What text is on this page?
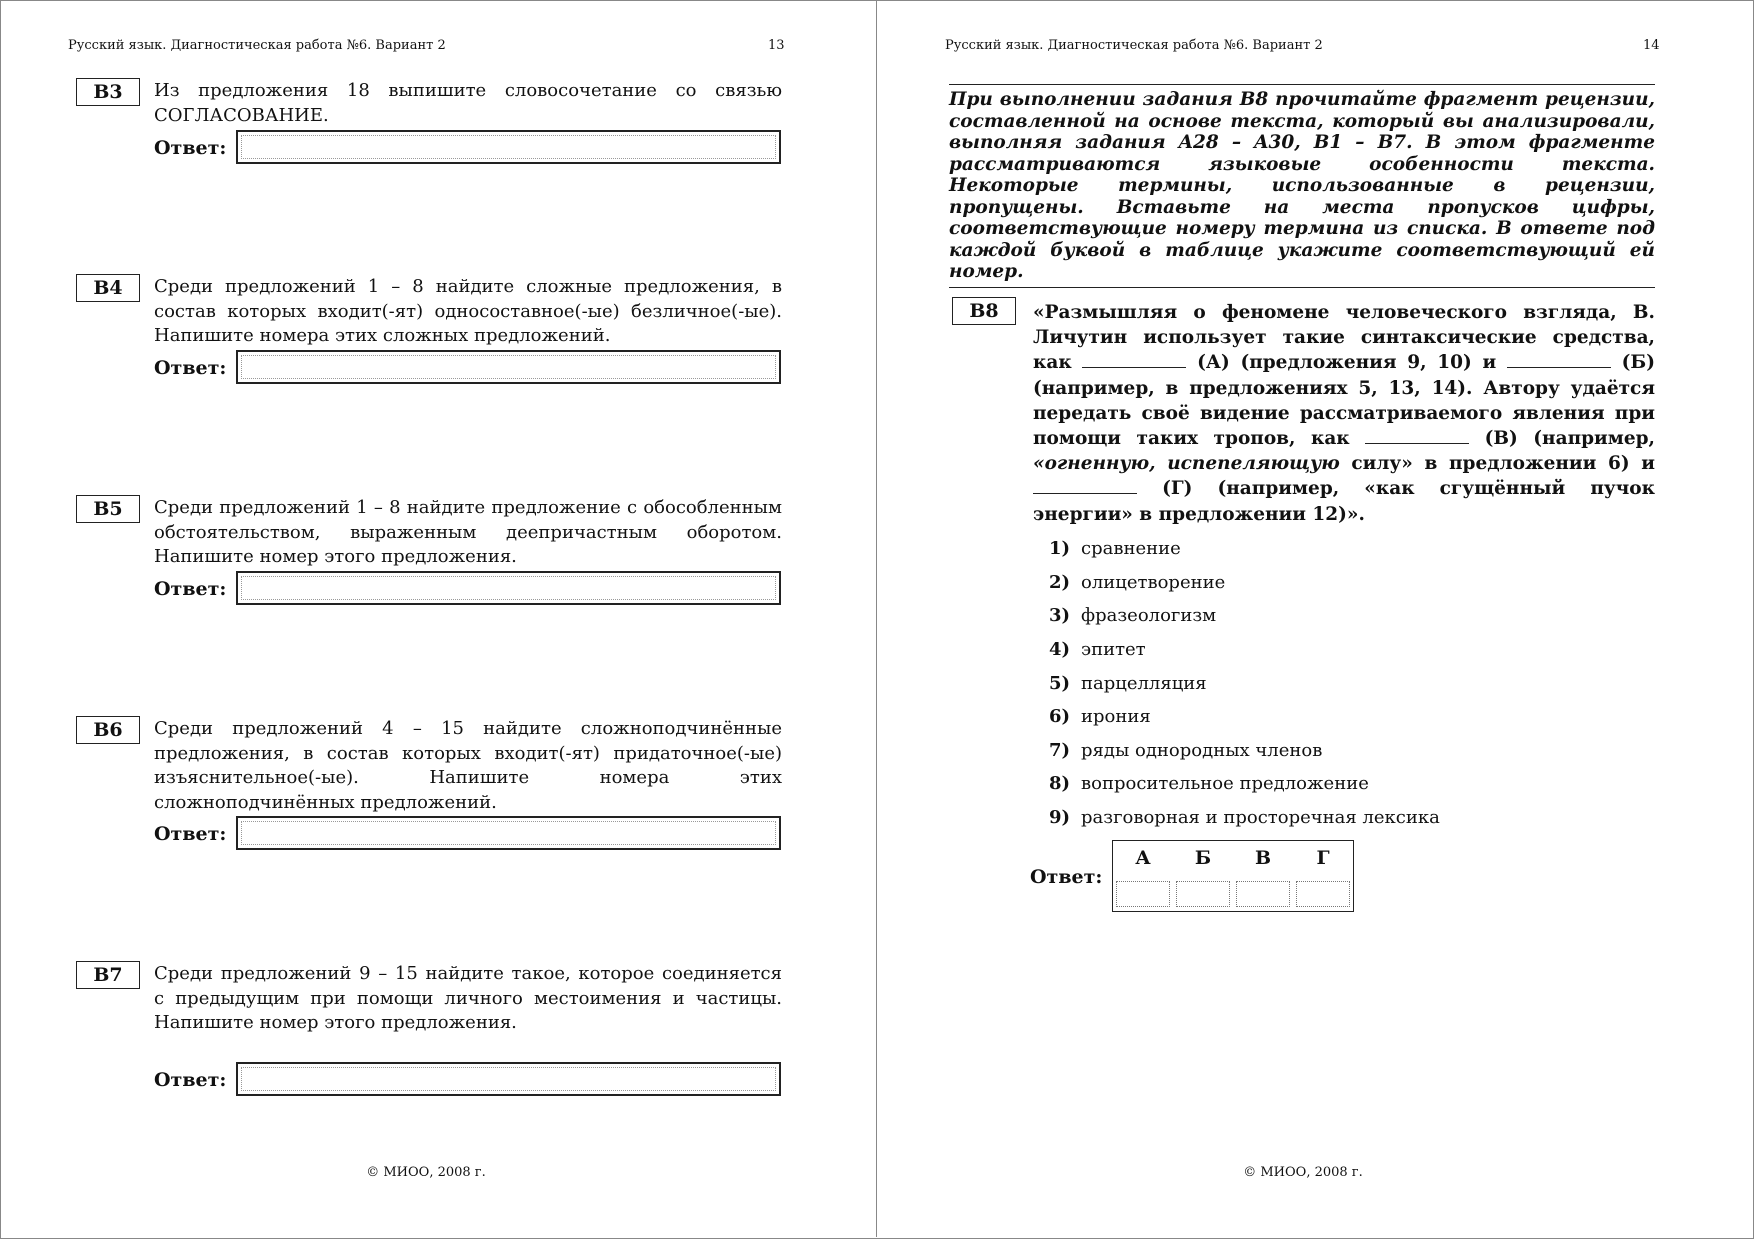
Русский язык. Диагностическая работа №6. Вариант 2	13
B3	Из предложения 18 выпишите словосочетание со связью СОГЛАСОВАНИЕ.
Ответ:
B4	Среди предложений 1 – 8 найдите сложные предложения, в состав которых входит(-ят) односоставное(-ые) безличное(-ые). Напишите номера этих сложных предложений.
Ответ:
B5	Среди предложений 1 – 8 найдите предложение с обособленным обстоятельством, выраженным деепричастным оборотом. Напишите номер этого предложения.
Ответ:
B6	Среди предложений 4 – 15 найдите сложноподчинённые предложения, в состав которых входит(-ят) придаточное(-ые) изъяснительное(-ые). Напишите номера этих сложноподчинённых предложений.
Ответ:
B7	Среди предложений 9 – 15 найдите такое, которое соединяется с предыдущим при помощи личного местоимения и частицы. Напишите номер этого предложения.
Ответ:
© МИОО, 2008 г.
Русский язык. Диагностическая работа №6. Вариант 2	14
При выполнении задания B8 прочитайте фрагмент рецензии, составленной на основе текста, который вы анализировали, выполняя задания A28 – A30, B1 – B7. В этом фрагменте рассматриваются языковые особенности текста. Некоторые термины, использованные в рецензии, пропущены. Вставьте на места пропусков цифры, соответствующие номеру термина из списка. В ответе под каждой буквой в таблице укажите соответствующий ей номер.
B8	«Размышляя о феномене человеческого взгляда, В. Личутин использует такие синтаксические средства, как	(А) (предложения 9, 10) и	(Б) (например, в предложениях 5, 13, 14). Автору удаётся передать своё видение рассматриваемого явления при помощи таких тропов, как	(В) (например, «огненную, испепеляющую силу» в предложении 6) и  (Г) (например, «как сгущённый пучок энергии» в предложении 12)».
1) сравнение
2) олицетворение
3) фразеологизм
4) эпитет
5) парцелляция
6) ирония
7) ряды однородных членов
8) вопросительное предложение
9) разговорная и просторечная лексика
Ответ:
А	Б	В	Г
© МИОО, 2008 г.
